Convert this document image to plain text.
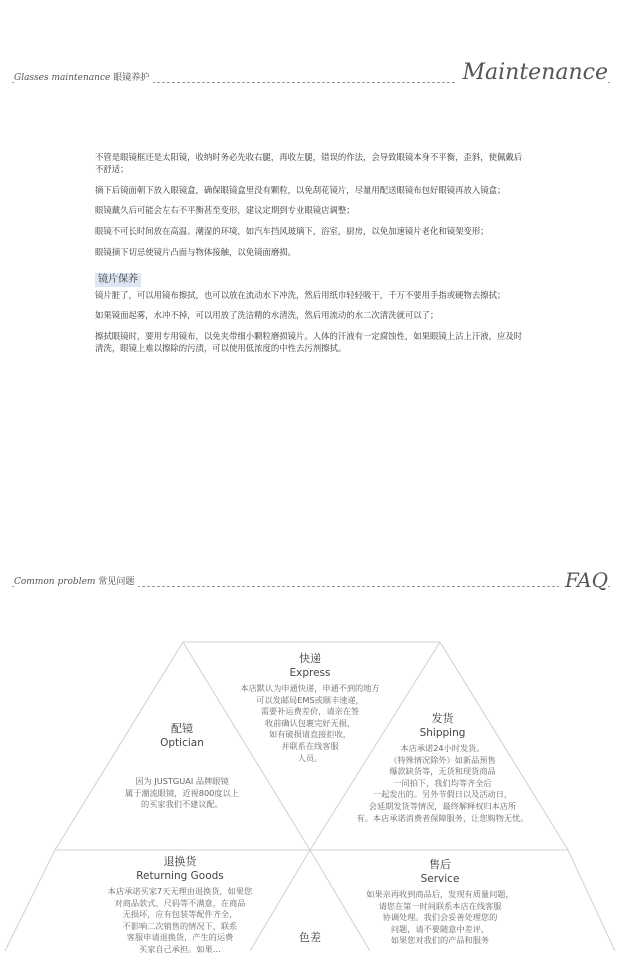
Glasses maintenance 眼镜养护	Maintenance

不管是眼镜框还是太阳镜，收纳时务必先收右腿，再收左腿，错误的作法，会导致眼镜本身不平衡，歪斜，使佩戴后不舒适；

摘下后镜面朝下放入眼镜盒，确保眼镜盒里没有颗粒，以免刮花镜片，尽量用配送眼镜布包好眼镜再放入镜盒；

眼镜戴久后可能会左右不平衡甚至变形，建议定期到专业眼镜店调整；

眼镜不可长时间放在高温、潮湿的环境，如汽车挡风玻璃下，浴室，厨房，以免加速镜片老化和镜架变形；

眼镜摘下切忌使镜片凸面与物体接触，以免镜面磨损。

镜片保养

镜片脏了，可以用镜布擦拭，也可以放在流动水下冲洗，然后用纸巾轻轻吸干，千万不要用手指或硬物去擦拭；

如果镜面起雾，水冲不掉，可以用放了洗洁精的水清洗，然后用流动的水二次清洗就可以了；

擦拭眼镜时，要用专用镜布，以免夹带细小颗粒磨损镜片。人体的汗液有一定腐蚀性，如果眼镜上沾上汗液，应及时清洗，眼镜上难以擦除的污渍，可以使用低浓度的中性去污剂擦拭。

Common problem 常见问题	FAQ
快递
Express
本店默认为申通快递，申通不到的地方
可以发邮局EMS或顺丰速递，
需要补运费差价，请亲在签
收前确认包裹完好无损，
如有破损请直接拒收，
并联系在线客服
人员。
配镜
Optician
因为 JUSTGUAI 品牌眼镜
属于潮流眼镜，近视800度以上
的买家我们不建议配。
发货
Shipping
本店承诺24小时发货。
（特殊情况除外）如新品预售
爆款缺货等，无货和现货商品
一同拍下，我们均等齐全后
一起发出的。另外节假日以及活动日，
会延期发货等情况，最终解释权归本店所
有。本店承诺消费者保障服务，让您购物无忧。
退换货
Returning Goods
本店承诺买家7天无理由退换货，如果您
对商品款式、尺码等不满意，在商品
无损坏，应有包装等配件齐全，
不影响二次销售的情况下，联系
客服申请退换货，产生的运费
买家自己承担。如果…
色差
售后
Service
如果亲再收到商品后，发现有质量问题，
请您在第一时间联系本店在线客服
协调处理。我们会妥善处理您的
问题，请不要随意中差评，
如果您对我们的产品和服务
